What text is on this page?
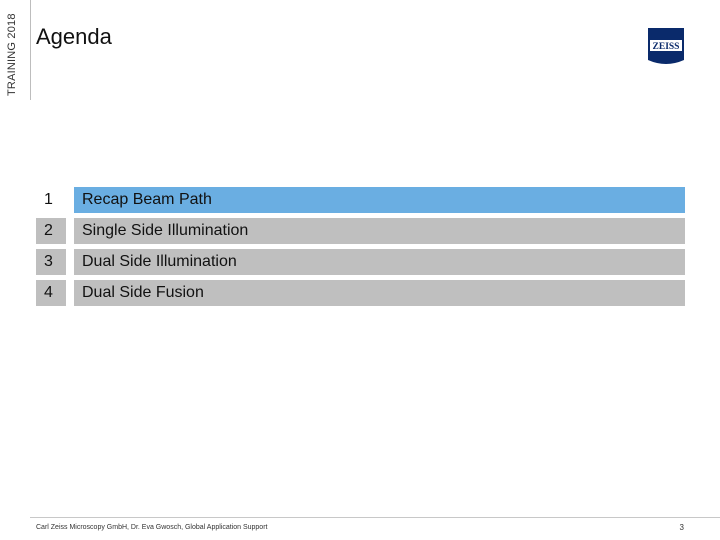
TRAINING 2018 Agenda	ZEISS
1	Recap Beam Path
2	Single Side Illumination
3	Dual Side Illumination
4	Dual Side Fusion
Carl Zeiss Microscopy GmbH, Dr. Eva Gwosch, Global Application Support	3
